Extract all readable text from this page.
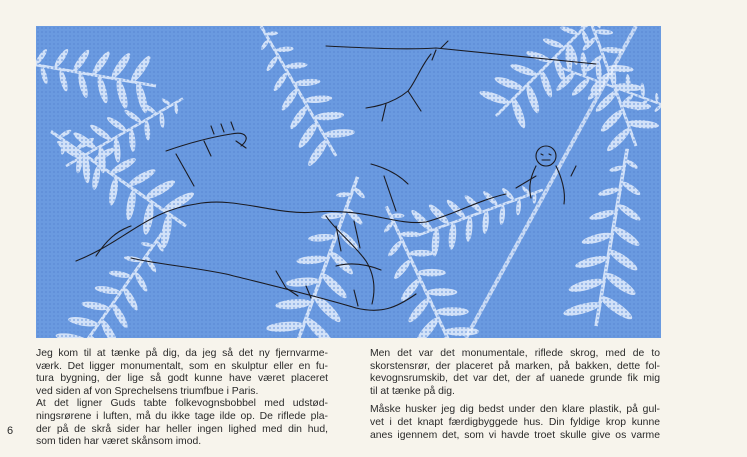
Jeg kom til at tænke på dig, da jeg så det ny fjernvarme-
værk. Det ligger monumentalt, som en skulptur eller en fu-
tura bygning, der lige så godt kunne have været placeret
ved siden af von Sprechelsens triumfbue i Paris.
At det ligner Guds tabte folkevognsbobbel med udstød-
ningsrørene i luften, må du ikke tage ilde op. De riflede pla-
der på de skrå sider har heller ingen lighed med din hud,
som tiden har været skånsom imod.

Men det var det monumentale, riflede skrog, med de to
skorstensrør, der placeret på marken, på bakken, dette fol-
kevognsrumskib, det var det, der af uanede grunde fik mig
til at tænke på dig.

Måske husker jeg dig bedst under den klare plastik, på gul-
vet i det knapt færdigbyggede hus. Din fyldige krop kunne
anes igennem det, som vi havde troet skulle give os varme

6
